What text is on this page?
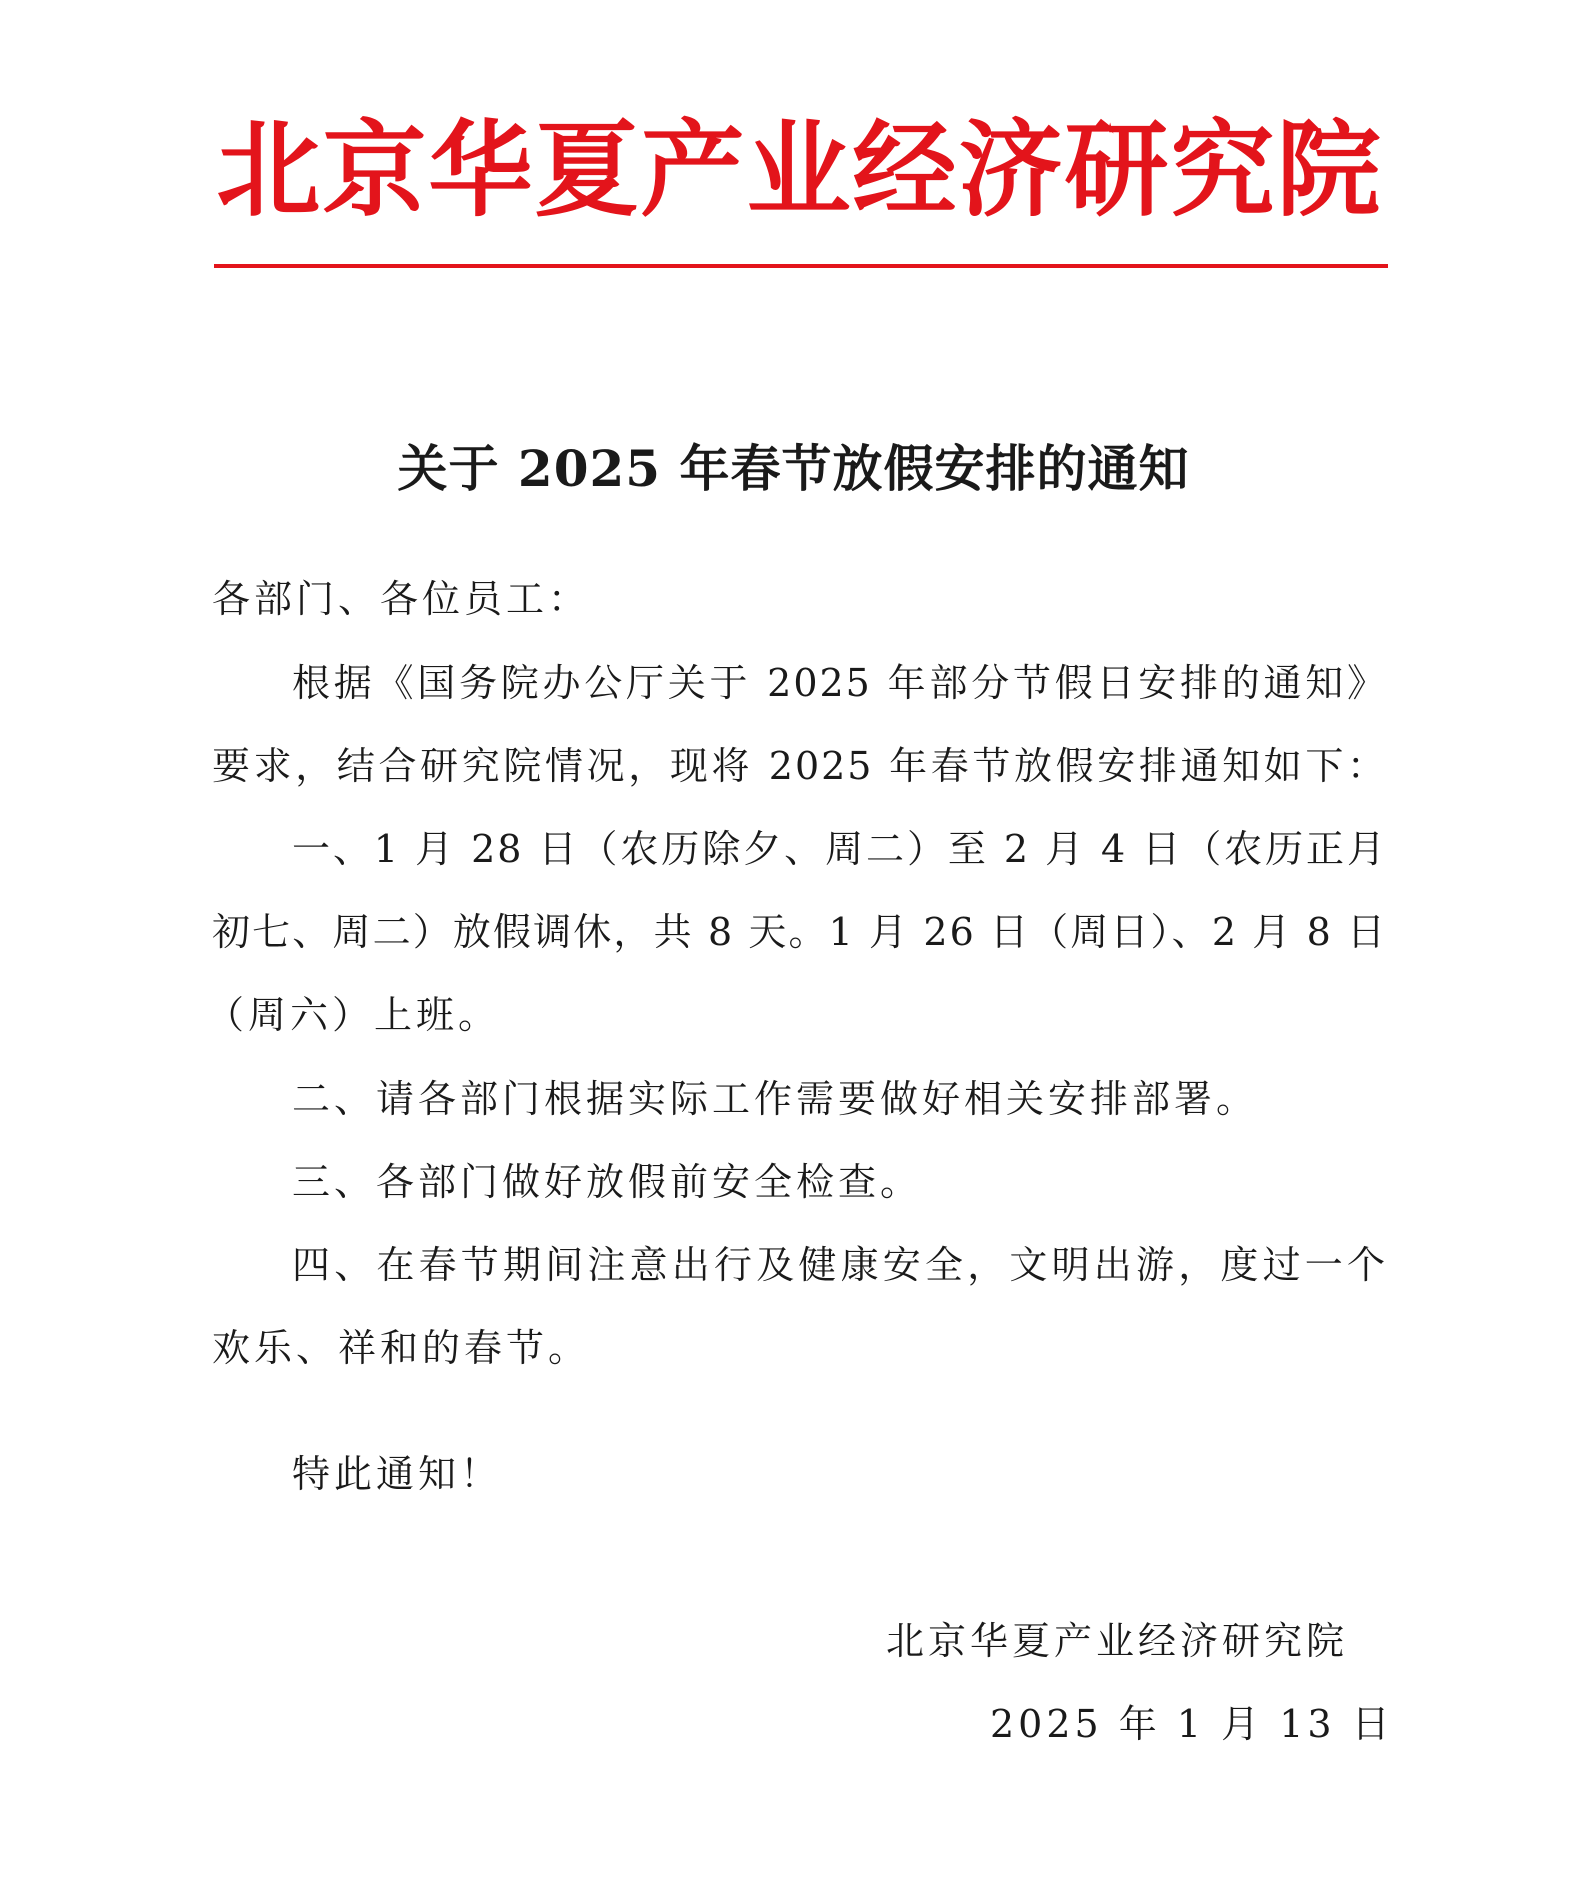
北京华夏产业经济研究院
关于 2025 年春节放假安排的通知
各部门、各位员工：
根据《国务院办公厅关于 2025 年部分节假日安排的通知》
要求，结合研究院情况，现将 2025 年春节放假安排通知如下：
一、1 月 28 日（农历除夕、周二）至 2 月 4 日（农历正月
初七、周二）放假调休，共 8 天。1 月 26 日（周日）、2 月 8 日
（周六）上班。
二、请各部门根据实际工作需要做好相关安排部署。
三、各部门做好放假前安全检查。
四、在春节期间注意出行及健康安全，文明出游，度过一个
欢乐、祥和的春节。
特此通知！
北京华夏产业经济研究院
2025 年 1 月 13 日
